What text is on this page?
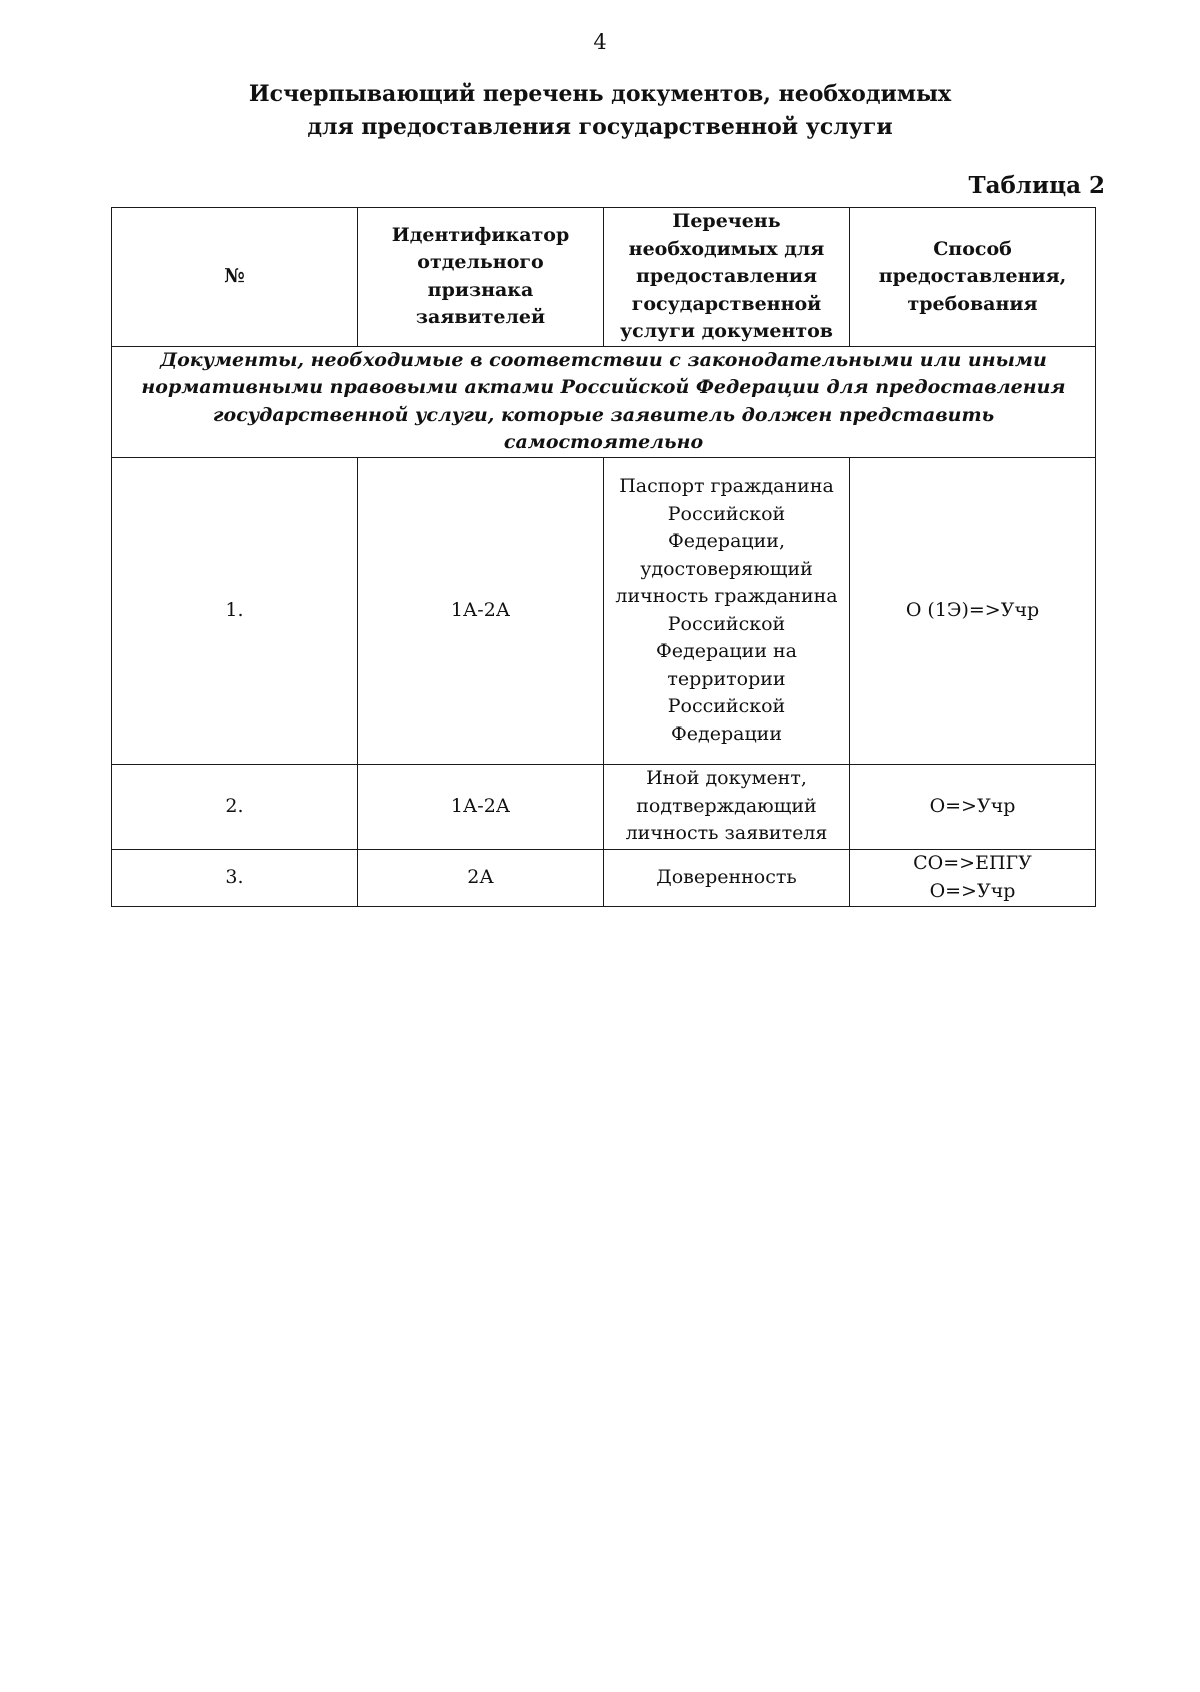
4
Исчерпывающий перечень документов, необходимых
для предоставления государственной услуги
Таблица 2
№	Идентификатор отдельного признака заявителей	Перечень необходимых для предоставления государственной услуги документов	Способ предоставления, требования
Документы, необходимые в соответствии с законодательными или иными нормативными правовыми актами Российской Федерации для предоставления государственной услуги, которые заявитель должен представить самостоятельно			
1.	1А-2А	Паспорт гражданина Российской Федерации, удостоверяющий личность гражданина Российской Федерации на территории Российской Федерации	О (1Э)=>Учр

2.	1А-2А	Иной документ, подтверждающий личность заявителя	О=>Учр

3.	2А	Доверенность	СО=>ЕПГУ
О=>Учр
